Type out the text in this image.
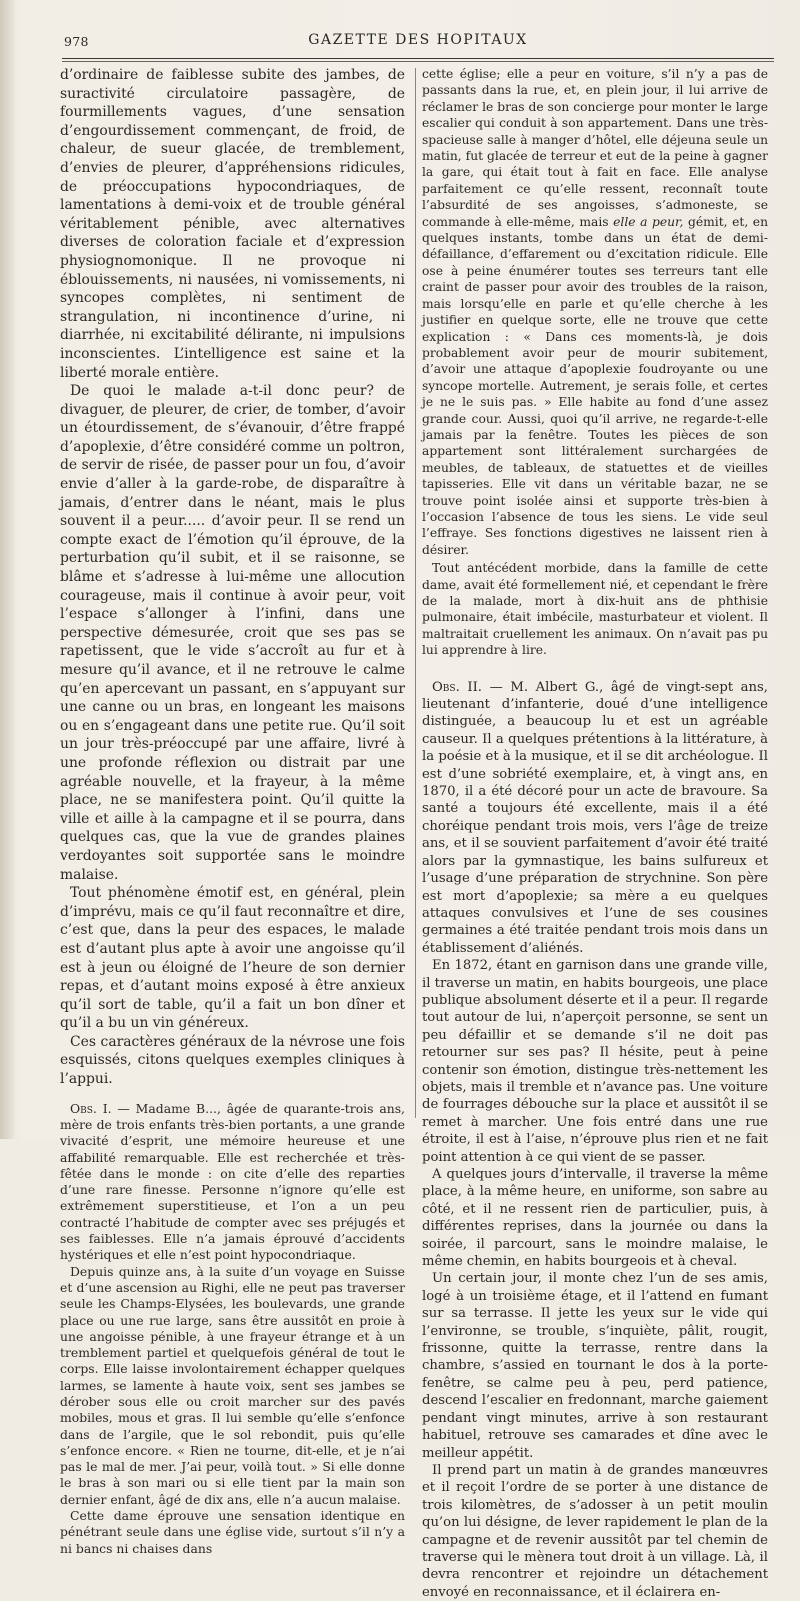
978	GAZETTE DES HOPITAUX

d’ordinaire de faiblesse subite des jambes, de suractivité circulatoire passagère, de fourmillements vagues, d’une sensation d’engourdissement commençant, de froid, de chaleur, de sueur glacée, de tremblement, d’envies de pleurer, d’appréhensions ridicules, de préoccupations hypocondriaques, de lamentations à demi-voix et de trouble général véritablement pénible, avec alternatives diverses de coloration faciale et d’expression physiognomonique. Il ne provoque ni éblouissements, ni nausées, ni vomissements, ni syncopes complètes, ni sentiment de strangulation, ni incontinence d’urine, ni diarrhée, ni excitabilité délirante, ni impulsions inconscientes. L’intelligence est saine et la liberté morale entière.

De quoi le malade a-t-il donc peur? de divaguer, de pleurer, de crier, de tomber, d’avoir un étourdissement, de s’évanouir, d’être frappé d’apoplexie, d’être considéré comme un poltron, de servir de risée, de passer pour un fou, d’avoir envie d’aller à la garde-robe, de disparaître à jamais, d’entrer dans le néant, mais le plus souvent il a peur..... d’avoir peur. Il se rend un compte exact de l’émotion qu’il éprouve, de la perturbation qu’il subit, et il se raisonne, se blâme et s’adresse à lui-même une allocution courageuse, mais il continue à avoir peur, voit l’espace s’allonger à l’infini, dans une perspective démesurée, croit que ses pas se rapetissent, que le vide s’accroît au fur et à mesure qu’il avance, et il ne retrouve le calme qu’en apercevant un passant, en s’appuyant sur une canne ou un bras, en longeant les maisons ou en s’engageant dans une petite rue. Qu’il soit un jour très-préoccupé par une affaire, livré à une profonde réflexion ou distrait par une agréable nouvelle, et la frayeur, à la même place, ne se manifestera point. Qu’il quitte la ville et aille à la campagne et il se pourra, dans quelques cas, que la vue de grandes plaines verdoyantes soit supportée sans le moindre malaise.

Tout phénomène émotif est, en général, plein d’imprévu, mais ce qu’il faut reconnaître et dire, c’est que, dans la peur des espaces, le malade est d’autant plus apte à avoir une angoisse qu’il est à jeun ou éloigné de l’heure de son dernier repas, et d’autant moins exposé à être anxieux qu’il sort de table, qu’il a fait un bon dîner et qu’il a bu un vin généreux.

Ces caractères généraux de la névrose une fois esquissés, citons quelques exemples cliniques à l’appui.

Obs. I. — Madame B..., âgée de quarante-trois ans, mère de trois enfants très-bien portants, a une grande vivacité d’esprit, une mémoire heureuse et une affabilité remarquable. Elle est recherchée et très-fêtée dans le monde : on cite d’elle des reparties d’une rare finesse. Personne n’ignore qu’elle est extrêmement superstitieuse, et l’on a un peu contracté l’habitude de compter avec ses préjugés et ses faiblesses. Elle n’a jamais éprouvé d’accidents hystériques et elle n’est point hypocondriaque.

Depuis quinze ans, à la suite d’un voyage en Suisse et d’une ascension au Righi, elle ne peut pas traverser seule les Champs-Elysées, les boulevards, une grande place ou une rue large, sans être aussitôt en proie à une angoisse pénible, à une frayeur étrange et à un tremblement partiel et quelquefois général de tout le corps. Elle laisse involontairement échapper quelques larmes, se lamente à haute voix, sent ses jambes se dérober sous elle ou croit marcher sur des pavés mobiles, mous et gras. Il lui semble qu’elle s’enfonce dans de l’argile, que le sol rebondit, puis qu’elle s’enfonce encore. « Rien ne tourne, dit-elle, et je n’ai pas le mal de mer. J’ai peur, voilà tout. » Si elle donne le bras à son mari ou si elle tient par la main son dernier enfant, âgé de dix ans, elle n’a aucun malaise.

Cette dame éprouve une sensation identique en pénétrant seule dans une église vide, surtout s’il n’y a ni bancs ni chaises dans

cette église; elle a peur en voiture, s’il n’y a pas de passants dans la rue, et, en plein jour, il lui arrive de réclamer le bras de son concierge pour monter le large escalier qui conduit à son appartement. Dans une très-spacieuse salle à manger d’hôtel, elle déjeuna seule un matin, fut glacée de terreur et eut de la peine à gagner la gare, qui était tout à fait en face. Elle analyse parfaitement ce qu’elle ressent, reconnaît toute l’absurdité de ses angoisses, s’admoneste, se commande à elle-même, mais elle a peur, gémit, et, en quelques instants, tombe dans un état de demi-défaillance, d’effarement ou d’excitation ridicule. Elle ose à peine énumérer toutes ses terreurs tant elle craint de passer pour avoir des troubles de la raison, mais lorsqu’elle en parle et qu’elle cherche à les justifier en quelque sorte, elle ne trouve que cette explication : « Dans ces moments-là, je dois probablement avoir peur de mourir subitement, d’avoir une attaque d’apoplexie foudroyante ou une syncope mortelle. Autrement, je serais folle, et certes je ne le suis pas. » Elle habite au fond d’une assez grande cour. Aussi, quoi qu’il arrive, ne regarde-t-elle jamais par la fenêtre. Toutes les pièces de son appartement sont littéralement surchargées de meubles, de tableaux, de statuettes et de vieilles tapisseries. Elle vit dans un véritable bazar, ne se trouve point isolée ainsi et supporte très-bien à l’occasion l’absence de tous les siens. Le vide seul l’effraye. Ses fonctions digestives ne laissent rien à désirer.

Tout antécédent morbide, dans la famille de cette dame, avait été formellement nié, et cependant le frère de la malade, mort à dix-huit ans de phthisie pulmonaire, était imbécile, masturbateur et violent. Il maltraitait cruellement les animaux. On n’avait pas pu lui apprendre à lire.

Obs. II. — M. Albert G., âgé de vingt-sept ans, lieutenant d’infanterie, doué d’une intelligence distinguée, a beaucoup lu et est un agréable causeur. Il a quelques prétentions à la littérature, à la poésie et à la musique, et il se dit archéologue. Il est d’une sobriété exemplaire, et, à vingt ans, en 1870, il a été décoré pour un acte de bravoure. Sa santé a toujours été excellente, mais il a été choréique pendant trois mois, vers l’âge de treize ans, et il se souvient parfaitement d’avoir été traité alors par la gymnastique, les bains sulfureux et l’usage d’une préparation de strychnine. Son père est mort d’apoplexie; sa mère a eu quelques attaques convulsives et l’une de ses cousines germaines a été traitée pendant trois mois dans un établissement d’aliénés.

En 1872, étant en garnison dans une grande ville, il traverse un matin, en habits bourgeois, une place publique absolument déserte et il a peur. Il regarde tout autour de lui, n’aperçoit personne, se sent un peu défaillir et se demande s’il ne doit pas retourner sur ses pas? Il hésite, peut à peine contenir son émotion, distingue très-nettement les objets, mais il tremble et n’avance pas. Une voiture de fourrages débouche sur la place et aussitôt il se remet à marcher. Une fois entré dans une rue étroite, il est à l’aise, n’éprouve plus rien et ne fait point attention à ce qui vient de se passer.

A quelques jours d’intervalle, il traverse la même place, à la même heure, en uniforme, son sabre au côté, et il ne ressent rien de particulier, puis, à différentes reprises, dans la journée ou dans la soirée, il parcourt, sans le moindre malaise, le même chemin, en habits bourgeois et à cheval.

Un certain jour, il monte chez l’un de ses amis, logé à un troisième étage, et il l’attend en fumant sur sa terrasse. Il jette les yeux sur le vide qui l’environne, se trouble, s’inquiète, pâlit, rougit, frissonne, quitte la terrasse, rentre dans la chambre, s’assied en tournant le dos à la porte-fenêtre, se calme peu à peu, perd patience, descend l’escalier en fredonnant, marche gaiement pendant vingt minutes, arrive à son restaurant habituel, retrouve ses camarades et dîne avec le meilleur appétit.

Il prend part un matin à de grandes manœuvres et il reçoit l’ordre de se porter à une distance de trois kilomètres, de s’adosser à un petit moulin qu’on lui désigne, de lever rapidement le plan de la campagne et de revenir aussitôt par tel chemin de traverse qui le mènera tout droit à un village. Là, il devra rencontrer et rejoindre un détachement envoyé en reconnaissance, et il éclairera en-
